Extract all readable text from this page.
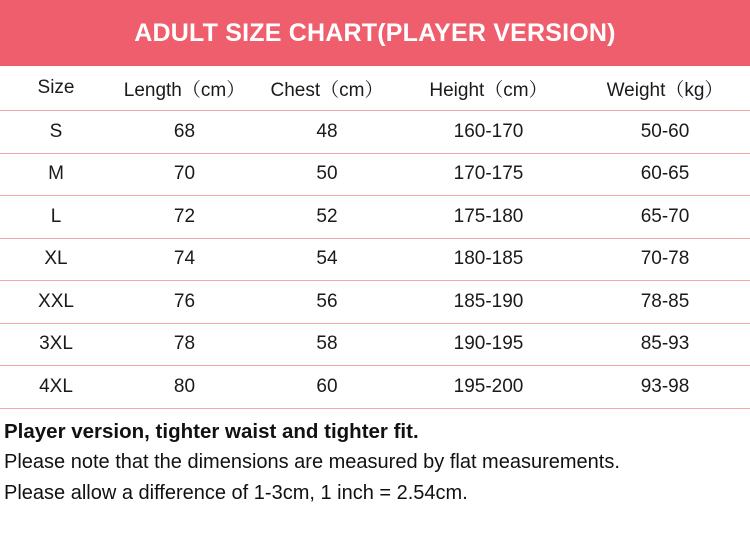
ADULT SIZE CHART(PLAYER VERSION)
Size	Length（cm）	Chest（cm）	Height（cm）	Weight（kg）
S	68	48	160-170	50-60
M	70	50	170-175	60-65
L	72	52	175-180	65-70
XL	74	54	180-185	70-78
XXL	76	56	185-190	78-85
3XL	78	58	190-195	85-93
4XL	80	60	195-200	93-98
Player version, tighter waist and tighter fit.
Please note that the dimensions are measured by flat measurements.
Please allow a difference of 1-3cm, 1 inch = 2.54cm.
